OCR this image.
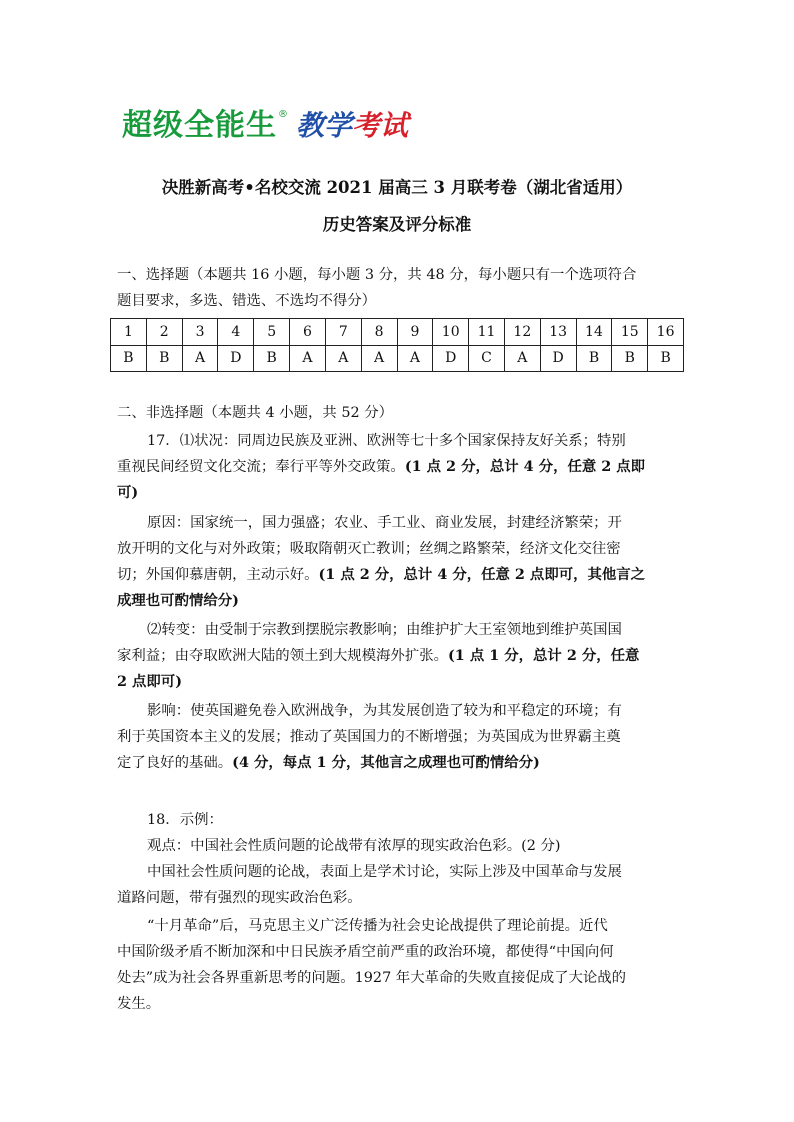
超级全能生 ® 教学 考试
决胜新高考•名校交流 2021 届高三 3 月联考卷（湖北省适用）
历史答案及评分标准
一、选择题（本题共 16 小题，每小题 3 分，共 48 分，每小题只有一个选项符合
题目要求，多选、错选、不选均不得分）
1	2	3	4	5	6	7	8	9	10	11	12	13	14	15	16
B	B	A	D	B	A	A	A	A	D	C	A	D	B	B	B
二、非选择题（本题共 4 小题，共 52 分）
17．⑴状况：同周边民族及亚洲、欧洲等七十多个国家保持友好关系；特别
重视民间经贸文化交流；奉行平等外交政策。(1 点 2 分，总计 4 分，任意 2 点即
可)
原因：国家统一，国力强盛；农业、手工业、商业发展，封建经济繁荣；开
放开明的文化与对外政策；吸取隋朝灭亡教训；丝绸之路繁荣，经济文化交往密
切；外国仰慕唐朝，主动示好。(1 点 2 分，总计 4 分，任意 2 点即可，其他言之
成理也可酌情给分)
⑵转变：由受制于宗教到摆脱宗教影响；由维护扩大王室领地到维护英国国
家利益；由夺取欧洲大陆的领土到大规模海外扩张。(1 点 1 分，总计 2 分，任意
2 点即可)
影响：使英国避免卷入欧洲战争，为其发展创造了较为和平稳定的环境；有
利于英国资本主义的发展；推动了英国国力的不断增强；为英国成为世界霸主奠
定了良好的基础。(4 分，每点 1 分，其他言之成理也可酌情给分)
18．示例：
观点：中国社会性质问题的论战带有浓厚的现实政治色彩。(2 分)
中国社会性质问题的论战，表面上是学术讨论，实际上涉及中国革命与发展
道路问题，带有强烈的现实政治色彩。
“十月革命”后，马克思主义广泛传播为社会史论战提供了理论前提。近代
中国阶级矛盾不断加深和中日民族矛盾空前严重的政治环境，都使得“中国向何
处去”成为社会各界重新思考的问题。1927 年大革命的失败直接促成了大论战的
发生。
